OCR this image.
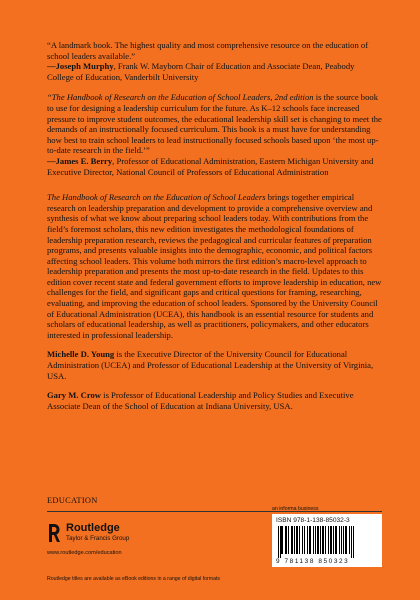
“A landmark book. The highest quality and most comprehensive resource on the education of school leaders available.”
—Joseph Murphy, Frank W. Mayborn Chair of Education and Associate Dean, Peabody College of Education, Vanderbilt University

“The Handbook of Research on the Education of School Leaders, 2nd edition is the source book to use for designing a leadership curriculum for the future. As K–12 schools face increased pressure to improve student outcomes, the educational leadership skill set is changing to meet the demands of an instructionally focused curriculum. This book is a must have for understanding how best to train school leaders to lead instructionally focused schools based upon ‘the most up-to-date research in the field.’”
—James E. Berry, Professor of Educational Administration, Eastern Michigan University and Executive Director, National Council of Professors of Educational Administration

The Handbook of Research on the Education of School Leaders brings together empirical research on leadership preparation and development to provide a comprehensive overview and synthesis of what we know about preparing school leaders today. With contributions from the field’s foremost scholars, this new edition investigates the methodological foundations of leadership preparation research, reviews the pedagogical and curricular features of preparation programs, and presents valuable insights into the demographic, economic, and political factors affecting school leaders. This volume both mirrors the first edition’s macro-level approach to leadership preparation and presents the most up-to-date research in the field. Updates to this edition cover recent state and federal government efforts to improve leadership in education, new challenges for the field, and significant gaps and critical questions for framing, researching, evaluating, and improving the education of school leaders. Sponsored by the University Council of Educational Administration (UCEA), this handbook is an essential resource for students and scholars of educational leadership, as well as practitioners, policymakers, and other educators interested in professional leadership.

Michelle D. Young is the Executive Director of the University Council for Educational Administration (UCEA) and Professor of Educational Leadership at the University of Virginia, USA.

Gary M. Crow is Professor of Educational Leadership and Policy Studies and Executive Associate Dean of the School of Education at Indiana University, USA.

EDUCATION
Routledge
Taylor & Francis Group
www.routledge.com/education
Routledge titles are available as eBook editions in a range of digital formats
an informa business
ISBN 978-1-138-85032-3
9 781138 850323
